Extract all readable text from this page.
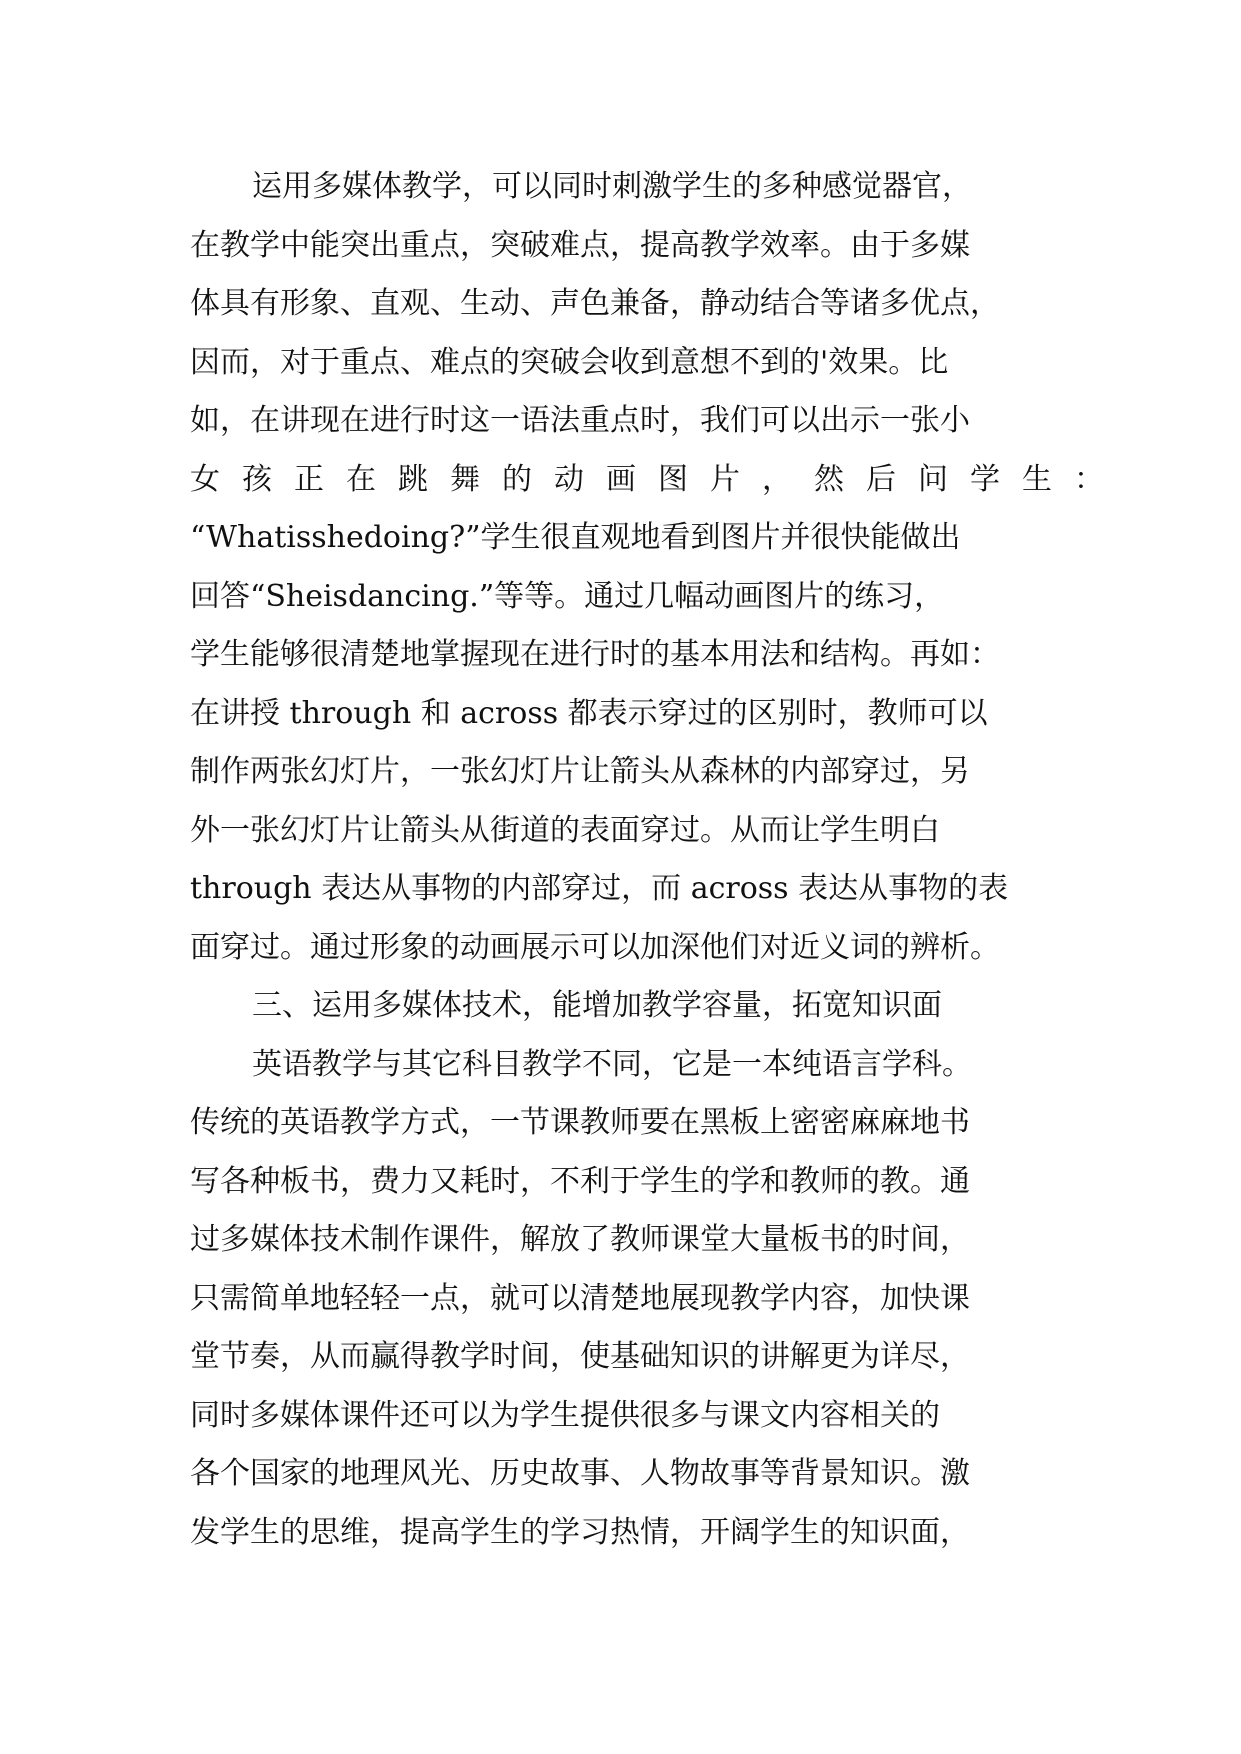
运用多媒体教学，可以同时刺激学生的多种感觉器官，
在教学中能突出重点，突破难点，提高教学效率。由于多媒
体具有形象、直观、生动、声色兼备，静动结合等诸多优点，
因而，对于重点、难点的突破会收到意想不到的'效果。比
如，在讲现在进行时这一语法重点时，我们可以出示一张小
女孩正在跳舞的动画图片，然后问学生：
“Whatisshedoing?”学生很直观地看到图片并很快能做出
回答“Sheisdancing.”等等。通过几幅动画图片的练习，
学生能够很清楚地掌握现在进行时的基本用法和结构。再如：
在讲授 through 和 across 都表示穿过的区别时，教师可以
制作两张幻灯片，一张幻灯片让箭头从森林的内部穿过，另
外一张幻灯片让箭头从街道的表面穿过。从而让学生明白
through 表达从事物的内部穿过，而 across 表达从事物的表
面穿过。通过形象的动画展示可以加深他们对近义词的辨析。
三、运用多媒体技术，能增加教学容量，拓宽知识面
英语教学与其它科目教学不同，它是一本纯语言学科。
传统的英语教学方式，一节课教师要在黑板上密密麻麻地书
写各种板书，费力又耗时，不利于学生的学和教师的教。通
过多媒体技术制作课件，解放了教师课堂大量板书的时间，
只需简单地轻轻一点，就可以清楚地展现教学内容，加快课
堂节奏，从而赢得教学时间，使基础知识的讲解更为详尽，
同时多媒体课件还可以为学生提供很多与课文内容相关的
各个国家的地理风光、历史故事、人物故事等背景知识。激
发学生的思维，提高学生的学习热情，开阔学生的知识面，
